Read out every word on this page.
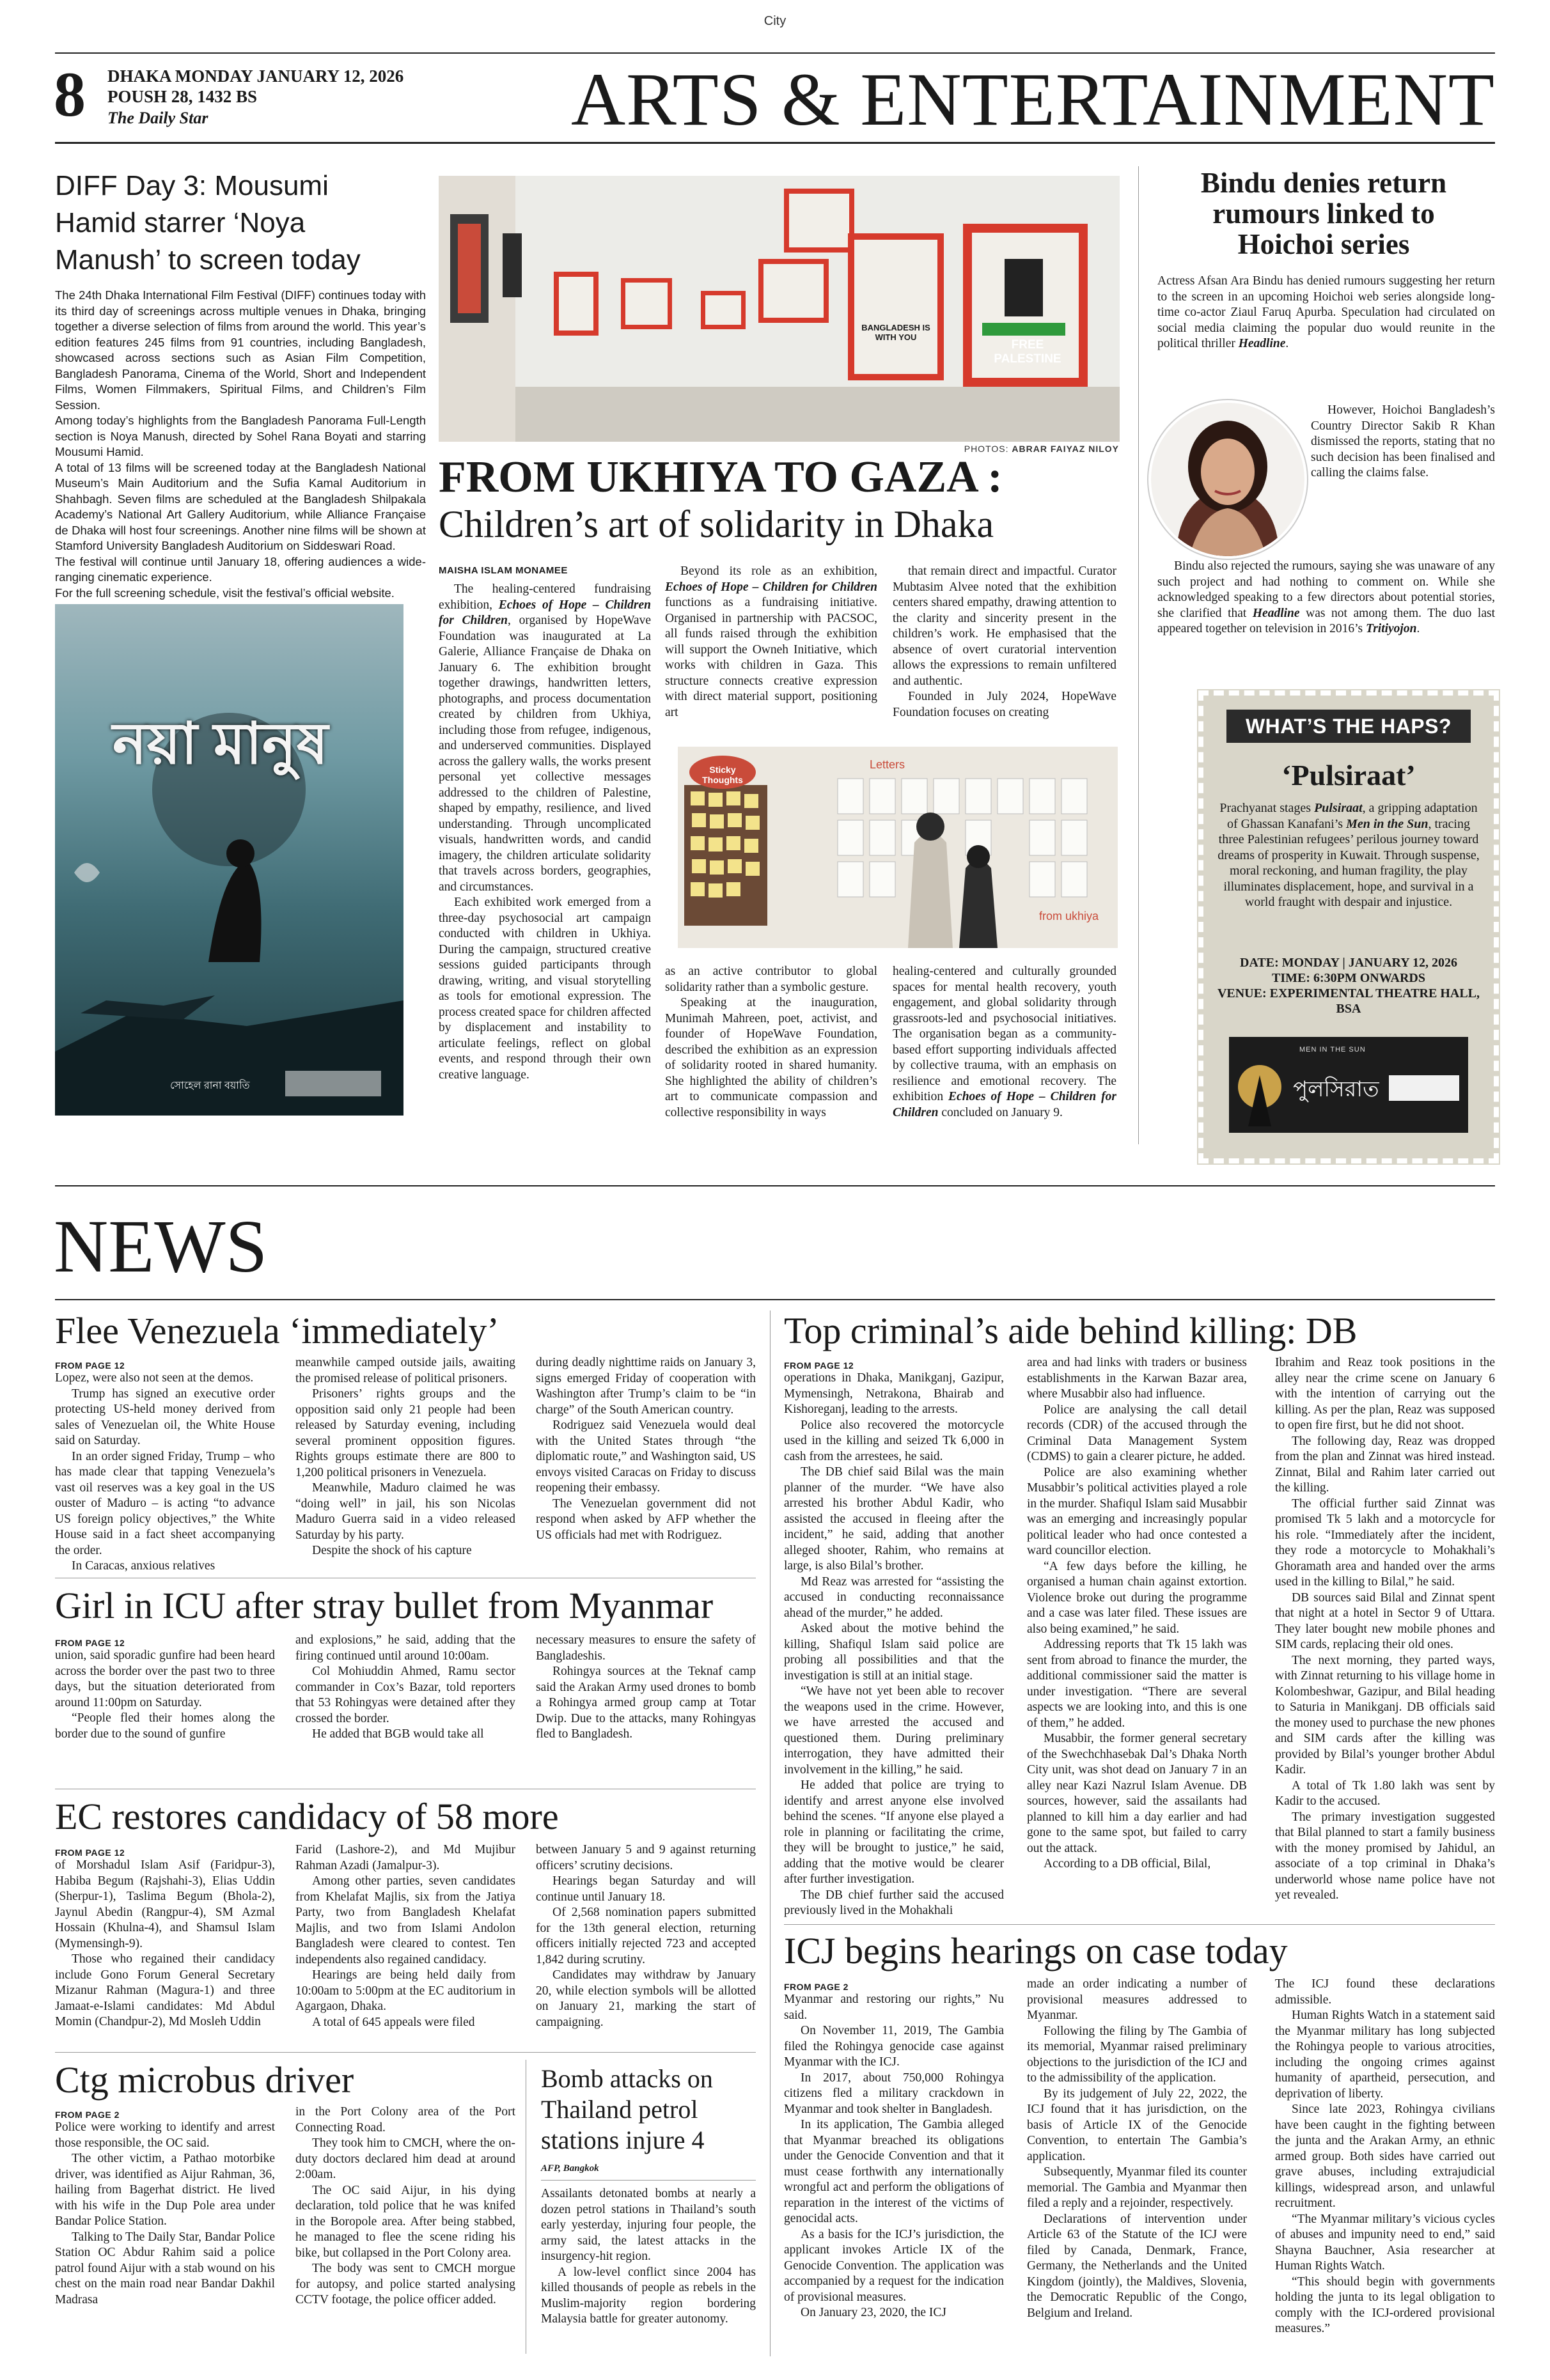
City
8 DHAKA MONDAY JANUARY 12, 2026
POUSH 28, 1432 BS
The Daily Star	ARTS & ENTERTAINMENT
DIFF Day 3: Mousumi Hamid starrer ‘Noya Manush’ to screen today

The 24th Dhaka International Film Festival (DIFF) continues today with its third day of screenings across multiple venues in Dhaka, bringing together a diverse selection of films from around the world. This year’s edition features 245 films from 91 countries, including Bangladesh, showcased across sections such as Asian Film Competition, Bangladesh Panorama, Cinema of the World, Short and Independent Films, Women Filmmakers, Spiritual Films, and Children’s Film Session.

Among today’s highlights from the Bangladesh Panorama Full-Length section is Noya Manush, directed by Sohel Rana Boyati and starring Mousumi Hamid.

A total of 13 films will be screened today at the Bangladesh National Museum’s Main Auditorium and the Sufia Kamal Auditorium in Shahbagh. Seven films are scheduled at the Bangladesh Shilpakala Academy’s National Art Gallery Auditorium, while Alliance Française de Dhaka will host four screenings. Another nine films will be shown at Stamford University Bangladesh Auditorium on Siddeswari Road.

The festival will continue until January 18, offering audiences a wide-ranging cinematic experience.

For the full screening schedule, visit the festival’s official website.

নয়া মানুষ
সোহেল রানা বয়াতি
FREE PALESTINE
BANGLADESH IS WITH YOU
PHOTOS: ABRAR FAIYAZ NILOY
FROM UKHIYA TO GAZA :
Children’s art of solidarity in Dhaka
MAISHA ISLAM MONAMEE
The healing-centered fundraising exhibition, Echoes of Hope – Children for Children, organised by HopeWave Foundation was inaugurated at La Galerie, Alliance Française de Dhaka on January 6. The exhibition brought together drawings, handwritten letters, photographs, and process documentation created by children from Ukhiya, including those from refugee, indigenous, and underserved communities. Displayed across the gallery walls, the works present personal yet collective messages addressed to the children of Palestine, shaped by empathy, resilience, and lived understanding. Through uncomplicated visuals, handwritten words, and candid imagery, the children articulate solidarity that travels across borders, geographies, and circumstances.
Each exhibited work emerged from a three-day psychosocial art campaign conducted with children in Ukhiya. During the campaign, structured creative sessions guided participants through drawing, writing, and visual storytelling as tools for emotional expression. The process created space for children affected by displacement and instability to articulate feelings, reflect on global events, and respond through their own creative language.
Beyond its role as an exhibition, Echoes of Hope – Children for Children functions as a fundraising initiative. Organised in partnership with PACSOC, all funds raised through the exhibition will support the Owneh Initiative, which works with children in Gaza. This structure connects creative expression with direct material support, positioning art
that remain direct and impactful. Curator Mubtasim Alvee noted that the exhibition centers shared empathy, drawing attention to the clarity and sincerity present in the children’s work. He emphasised that the absence of overt curatorial intervention allows the expressions to remain unfiltered and authentic.
Founded in July 2024, HopeWave Foundation focuses on creating
Sticky Thoughts
Letters
from ukhiya
as an active contributor to global solidarity rather than a symbolic gesture.
Speaking at the inauguration, Munimah Mahreen, poet, activist, and founder of HopeWave Foundation, described the exhibition as an expression of solidarity rooted in shared humanity. She highlighted the ability of children’s art to communicate compassion and collective responsibility in ways
healing-centered and culturally grounded spaces for mental health recovery, youth engagement, and global solidarity through grassroots-led and psychosocial initiatives. The organisation began as a community-based effort supporting individuals affected by collective trauma, with an emphasis on resilience and emotional recovery. The exhibition Echoes of Hope – Children for Children concluded on January 9.
Bindu denies return rumours linked to Hoichoi series
Actress Afsan Ara Bindu has denied rumours suggesting her return to the screen in an upcoming Hoichoi web series alongside long-time co-actor Ziaul Faruq Apurba. Speculation had circulated on social media claiming the popular duo would reunite in the political thriller Headline.
However, Hoichoi Bangladesh’s Country Director Sakib R Khan dismissed the reports, stating that no such decision has been finalised and calling the claims false.
Bindu also rejected the rumours, saying she was unaware of any such project and had nothing to comment on. While she acknowledged speaking to a few directors about potential stories, she clarified that Headline was not among them. The duo last appeared together on television in 2016’s Tritiyojon.
WHAT’S THE HAPS?
‘Pulsiraat’
Prachyanat stages Pulsiraat, a gripping adaptation of Ghassan Kanafani’s Men in the Sun, tracing three Palestinian refugees’ perilous journey toward dreams of prosperity in Kuwait. Through suspense, moral reckoning, and human fragility, the play illuminates displacement, hope, and survival in a world fraught with despair and injustice.
DATE: MONDAY | JANUARY 12, 2026
TIME: 6:30PM ONWARDS
VENUE: EXPERIMENTAL THEATRE HALL, BSA
MEN IN THE SUN
পুলসিরাত
NEWS
Flee Venezuela ‘immediately’
FROM PAGE 12
Lopez, were also not seen at the demos.
Trump has signed an executive order protecting US-held money derived from sales of Venezuelan oil, the White House said on Saturday.
In an order signed Friday, Trump – who has made clear that tapping Venezuela’s vast oil reserves was a key goal in the US ouster of Maduro – is acting “to advance US foreign policy objectives,” the White House said in a fact sheet accompanying the order.
In Caracas, anxious relatives
meanwhile camped outside jails, awaiting the promised release of political prisoners.
Prisoners’ rights groups and the opposition said only 21 people had been released by Saturday evening, including several prominent opposition figures. Rights groups estimate there are 800 to 1,200 political prisoners in Venezuela.
Meanwhile, Maduro claimed he was “doing well” in jail, his son Nicolas Maduro Guerra said in a video released Saturday by his party.
Despite the shock of his capture
during deadly nighttime raids on January 3, signs emerged Friday of cooperation with Washington after Trump’s claim to be “in charge” of the South American country.
Rodriguez said Venezuela would deal with the United States through “the diplomatic route,” and Washington said, US envoys visited Caracas on Friday to discuss reopening their embassy.
The Venezuelan government did not respond when asked by AFP whether the US officials had met with Rodriguez.
Girl in ICU after stray bullet from Myanmar
FROM PAGE 12
union, said sporadic gunfire had been heard across the border over the past two to three days, but the situation deteriorated from around 11:00pm on Saturday.
“People fled their homes along the border due to the sound of gunfire
and explosions,” he said, adding that the firing continued until around 10:00am.
Col Mohiuddin Ahmed, Ramu sector commander in Cox’s Bazar, told reporters that 53 Rohingyas were detained after they crossed the border.
He added that BGB would take all
necessary measures to ensure the safety of Bangladeshis.
Rohingya sources at the Teknaf camp said the Arakan Army used drones to bomb a Rohingya armed group camp at Totar Dwip. Due to the attacks, many Rohingyas fled to Bangladesh.
EC restores candidacy of 58 more
FROM PAGE 12
of Morshadul Islam Asif (Faridpur-3), Habiba Begum (Rajshahi-3), Elias Uddin (Sherpur-1), Taslima Begum (Bhola-2), Jaynul Abedin (Rangpur-4), SM Azmal Hossain (Khulna-4), and Shamsul Islam (Mymensingh-9).
Those who regained their candidacy include Gono Forum General Secretary Mizanur Rahman (Magura-1) and three Jamaat-e-Islami candidates: Md Abdul Momin (Chandpur-2), Md Mosleh Uddin
Farid (Lashore-2), and Md Mujibur Rahman Azadi (Jamalpur-3).
Among other parties, seven candidates from Khelafat Majlis, six from the Jatiya Party, two from Bangladesh Khelafat Majlis, and two from Islami Andolon Bangladesh were cleared to contest. Ten independents also regained candidacy.
Hearings are being held daily from 10:00am to 5:00pm at the EC auditorium in Agargaon, Dhaka.
A total of 645 appeals were filed
between January 5 and 9 against returning officers’ scrutiny decisions.
Hearings began Saturday and will continue until January 18.
Of 2,568 nomination papers submitted for the 13th general election, returning officers initially rejected 723 and accepted 1,842 during scrutiny.
Candidates may withdraw by January 20, while election symbols will be allotted on January 21, marking the start of campaigning.
Ctg microbus driver
FROM PAGE 2
Police were working to identify and arrest those responsible, the OC said.
The other victim, a Pathao motorbike driver, was identified as Aijur Rahman, 36, hailing from Bagerhat district. He lived with his wife in the Dup Pole area under Bandar Police Station.
Talking to The Daily Star, Bandar Police Station OC Abdur Rahim said a police patrol found Aijur with a stab wound on his chest on the main road near Bandar Dakhil Madrasa
in the Port Colony area of the Port Connecting Road.
They took him to CMCH, where the on-duty doctors declared him dead at around 2:00am.
The OC said Aijur, in his dying declaration, told police that he was knifed in the Boropole area. After being stabbed, he managed to flee the scene riding his bike, but collapsed in the Port Colony area.
The body was sent to CMCH morgue for autopsy, and police started analysing CCTV footage, the police officer added.
Bomb attacks on Thailand petrol stations injure 4
AFP, Bangkok
Assailants detonated bombs at nearly a dozen petrol stations in Thailand’s south early yesterday, injuring four people, the army said, the latest attacks in the insurgency-hit region.
A low-level conflict since 2004 has killed thousands of people as rebels in the Muslim-majority region bordering Malaysia battle for greater autonomy.
Top criminal’s aide behind killing: DB
FROM PAGE 12
operations in Dhaka, Manikganj, Gazipur, Mymensingh, Netrakona, Bhairab and Kishoreganj, leading to the arrests.
Police also recovered the motorcycle used in the killing and seized Tk 6,000 in cash from the arrestees, he said.
The DB chief said Bilal was the main planner of the murder. “We have also arrested his brother Abdul Kadir, who assisted the accused in fleeing after the incident,” he said, adding that another alleged shooter, Rahim, who remains at large, is also Bilal’s brother.
Md Reaz was arrested for “assisting the accused in conducting reconnaissance ahead of the murder,” he added.
Asked about the motive behind the killing, Shafiqul Islam said police are probing all possibilities and that the investigation is still at an initial stage.
“We have not yet been able to recover the weapons used in the crime. However, we have arrested the accused and questioned them. During preliminary interrogation, they have admitted their involvement in the killing,” he said.
He added that police are trying to identify and arrest anyone else involved behind the scenes. “If anyone else played a role in planning or facilitating the crime, they will be brought to justice,” he said, adding that the motive would be clearer after further investigation.
The DB chief further said the accused previously lived in the Mohakhali
area and had links with traders or business establishments in the Karwan Bazar area, where Musabbir also had influence.
Police are analysing the call detail records (CDR) of the accused through the Criminal Data Management System (CDMS) to gain a clearer picture, he added.
Police are also examining whether Musabbir’s political activities played a role in the murder. Shafiqul Islam said Musabbir was an emerging and increasingly popular political leader who had once contested a ward councillor election.
“A few days before the killing, he organised a human chain against extortion. Violence broke out during the programme and a case was later filed. These issues are also being examined,” he said.
Addressing reports that Tk 15 lakh was sent from abroad to finance the murder, the additional commissioner said the matter is under investigation. “There are several aspects we are looking into, and this is one of them,” he added.
Musabbir, the former general secretary of the Swechchhasebak Dal’s Dhaka North City unit, was shot dead on January 7 in an alley near Kazi Nazrul Islam Avenue. DB sources, however, said the assailants had planned to kill him a day earlier and had gone to the same spot, but failed to carry out the attack.
According to a DB official, Bilal,
Ibrahim and Reaz took positions in the alley near the crime scene on January 6 with the intention of carrying out the killing. As per the plan, Reaz was supposed to open fire first, but he did not shoot.
The following day, Reaz was dropped from the plan and Zinnat was hired instead. Zinnat, Bilal and Rahim later carried out the killing.
The official further said Zinnat was promised Tk 5 lakh and a motorcycle for his role. “Immediately after the incident, they rode a motorcycle to Mohakhali’s Ghoramath area and handed over the arms used in the killing to Bilal,” he said.
DB sources said Bilal and Zinnat spent that night at a hotel in Sector 9 of Uttara. They later bought new mobile phones and SIM cards, replacing their old ones.
The next morning, they parted ways, with Zinnat returning to his village home in Kolombeshwar, Gazipur, and Bilal heading to Saturia in Manikganj. DB officials said the money used to purchase the new phones and SIM cards after the killing was provided by Bilal’s younger brother Abdul Kadir.
A total of Tk 1.80 lakh was sent by Kadir to the accused.
The primary investigation suggested that Bilal planned to start a family business with the money promised by Jahidul, an associate of a top criminal in Dhaka’s underworld whose name police have not yet revealed.
ICJ begins hearings on case today
FROM PAGE 2
Myanmar and restoring our rights,” Nu said.
On November 11, 2019, The Gambia filed the Rohingya genocide case against Myanmar with the ICJ.
In 2017, about 750,000 Rohingya citizens fled a military crackdown in Myanmar and took shelter in Bangladesh.
In its application, The Gambia alleged that Myanmar breached its obligations under the Genocide Convention and that it must cease forthwith any internationally wrongful act and perform the obligations of reparation in the interest of the victims of genocidal acts.
As a basis for the ICJ’s jurisdiction, the applicant invokes Article IX of the Genocide Convention. The application was accompanied by a request for the indication of provisional measures.
On January 23, 2020, the ICJ
made an order indicating a number of provisional measures addressed to Myanmar.
Following the filing by The Gambia of its memorial, Myanmar raised preliminary objections to the jurisdiction of the ICJ and to the admissibility of the application.
By its judgement of July 22, 2022, the ICJ found that it has jurisdiction, on the basis of Article IX of the Genocide Convention, to entertain The Gambia’s application.
Subsequently, Myanmar filed its counter memorial. The Gambia and Myanmar then filed a reply and a rejoinder, respectively.
Declarations of intervention under Article 63 of the Statute of the ICJ were filed by Canada, Denmark, France, Germany, the Netherlands and the United Kingdom (jointly), the Maldives, Slovenia, the Democratic Republic of the Congo, Belgium and Ireland.
The ICJ found these declarations admissible.
Human Rights Watch in a statement said the Myanmar military has long subjected the Rohingya people to various atrocities, including the ongoing crimes against humanity of apartheid, persecution, and deprivation of liberty.
Since late 2023, Rohingya civilians have been caught in the fighting between the junta and the Arakan Army, an ethnic armed group. Both sides have carried out grave abuses, including extrajudicial killings, widespread arson, and unlawful recruitment.
“The Myanmar military’s vicious cycles of abuses and impunity need to end,” said Shayna Bauchner, Asia researcher at Human Rights Watch.
“This should begin with governments holding the junta to its legal obligation to comply with the ICJ-ordered provisional measures.”
